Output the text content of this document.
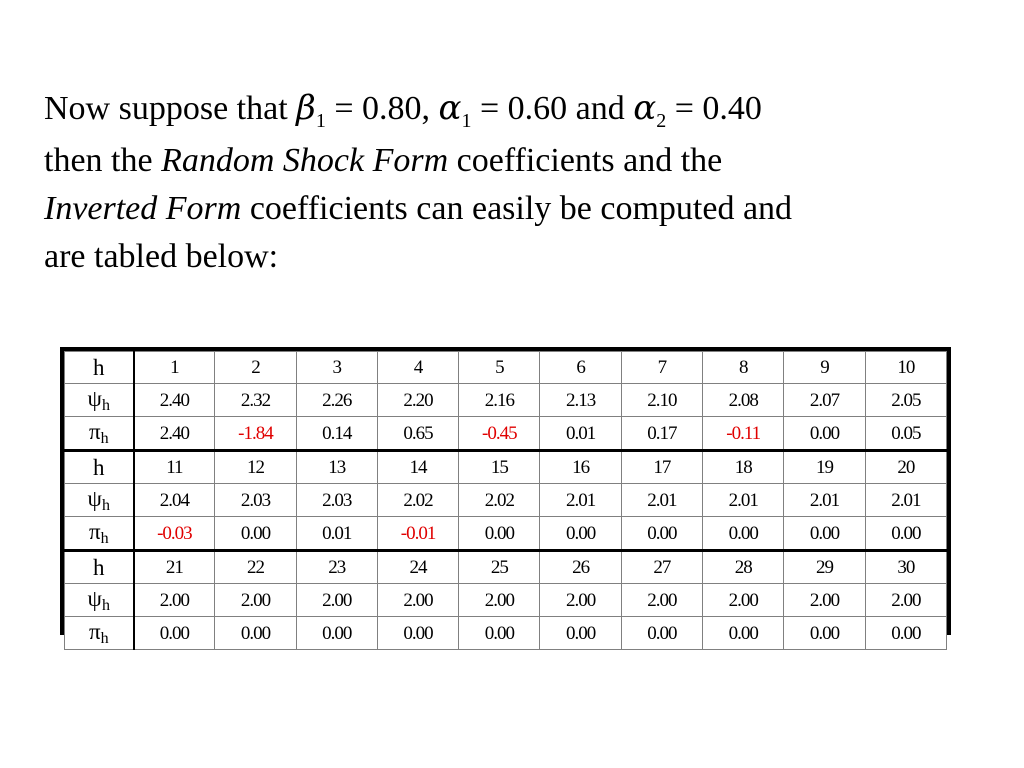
Now suppose that $\beta_1 = 0.80$, $\alpha_1 = 0.60$ and $\alpha_2 = 0.40$
then the Random Shock Form coefficients and the
Inverted Form coefficients can easily be computed and
are tabled below:
h	1	2	3	4	5	6	7	8	9	10
ψh	2.40	2.32	2.26	2.20	2.16	2.13	2.10	2.08	2.07	2.05
πh	2.40	-1.84	0.14	0.65	-0.45	0.01	0.17	-0.11	0.00	0.05
h	11	12	13	14	15	16	17	18	19	20
ψh	2.04	2.03	2.03	2.02	2.02	2.01	2.01	2.01	2.01	2.01
πh	-0.03	0.00	0.01	-0.01	0.00	0.00	0.00	0.00	0.00	0.00
h	21	22	23	24	25	26	27	28	29	30
ψh	2.00	2.00	2.00	2.00	2.00	2.00	2.00	2.00	2.00	2.00
πh	0.00	0.00	0.00	0.00	0.00	0.00	0.00	0.00	0.00	0.00
